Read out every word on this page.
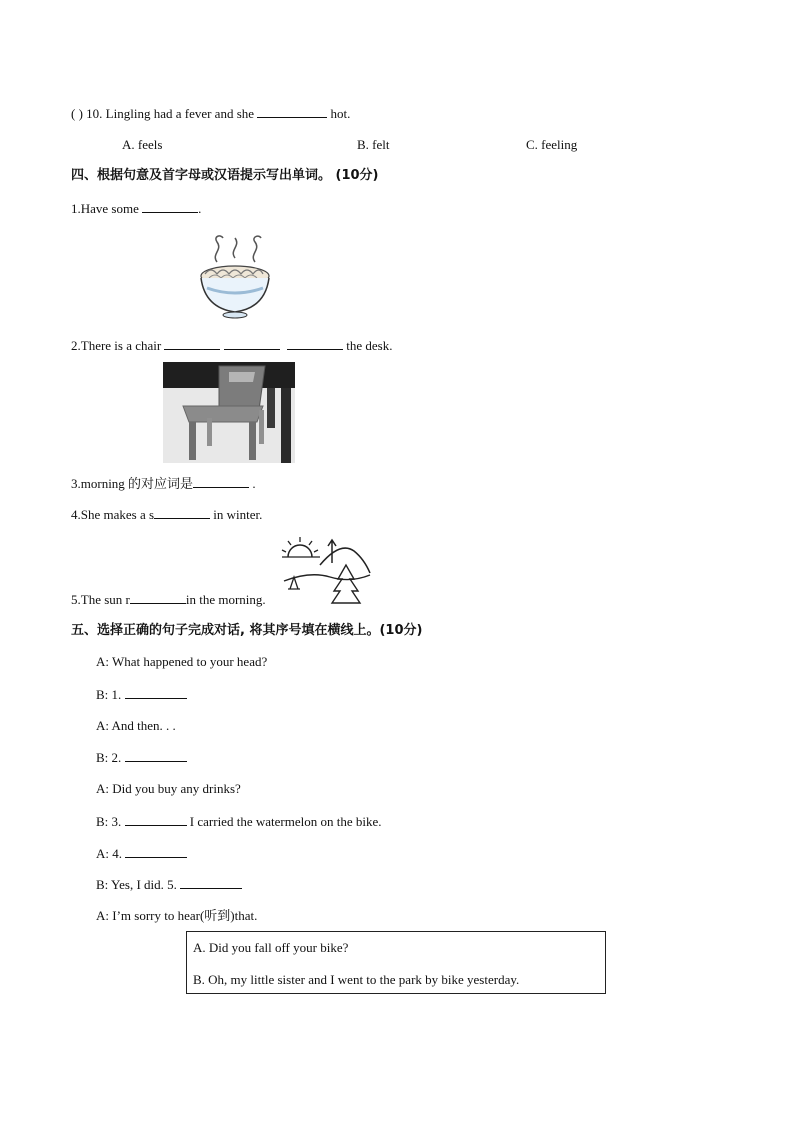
( ) 10. Lingling had a fever and she	hot.
A. feels	B. felt	C. feeling
四、根据句意及首字母或汉语提示写出单词。 (10分)
1.Have some	.
2.There is a chair	the desk.
3.morning 的对应词是	.
4.She makes a s	in winter.
5.The sun r	in the morning.
五、选择正确的句子完成对话, 将其序号填在横线上。(10分)
A: What happened to your head?
B: 1.
A: And then. . .
B: 2.
A: Did you buy any drinks?
B: 3.	I carried the watermelon on the bike.
A: 4.
B: Yes, I did. 5.
A: I’m sorry to hear(听到)that.
A. Did you fall off your bike?
B. Oh, my little sister and I went to the park by bike yesterday.
